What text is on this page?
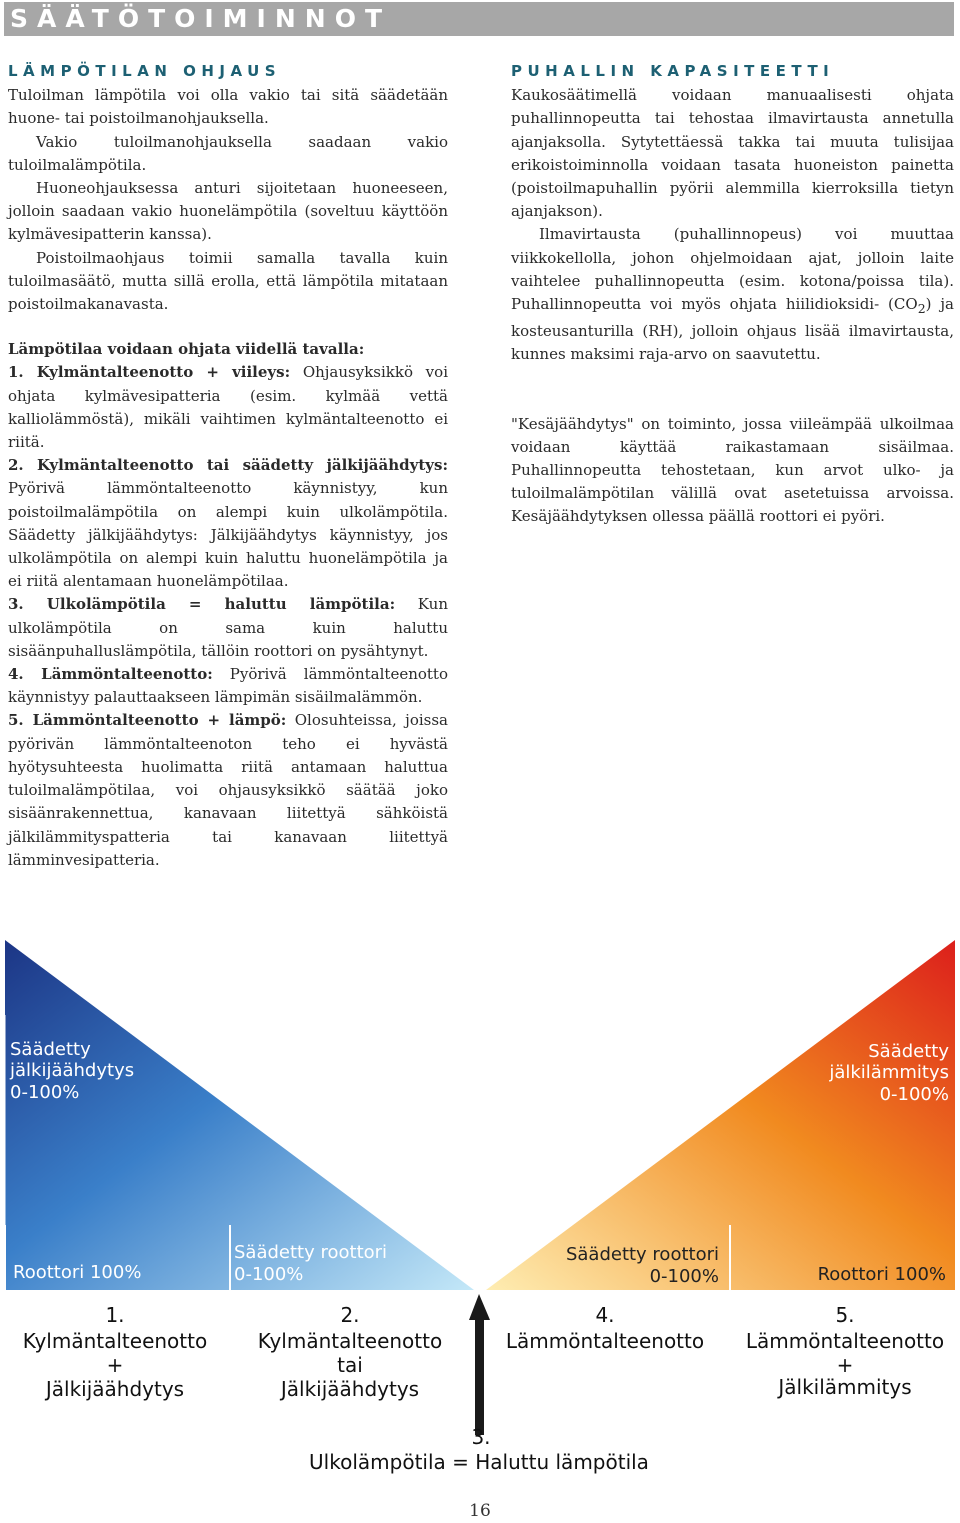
SÄÄTÖTOIMINNOT
LÄMPÖTILAN OHJAUS

Tuloilman lämpötila voi olla vakio tai sitä säädetään huone- tai poistoilmanohjauksella.

Vakio tuloilmanohjauksella saadaan vakio tuloilmalämpötila.

Huoneohjauksessa anturi sijoitetaan huoneeseen, jolloin saadaan vakio huonelämpötila (soveltuu käyttöön kylmävesipatterin kanssa).

Poistoilmaohjaus toimii samalla tavalla kuin tuloilmasäätö, mutta sillä erolla, että lämpötila mitataan poistoilmakanavasta.

Lämpötilaa voidaan ohjata viidellä tavalla:

1. Kylmäntalteenotto + viileys: Ohjausyksikkö voi ohjata kylmävesipatteria (esim. kylmää vettä kalliolämmöstä), mikäli vaihtimen kylmäntalteenotto ei riitä.

2. Kylmäntalteenotto tai säädetty jälkijäähdytys: Pyörivä lämmöntalteenotto käynnistyy, kun poistoilmalämpötila on alempi kuin ulkolämpötila. Säädetty jälkijäähdytys: Jälkijäähdytys käynnistyy, jos ulkolämpötila on alempi kuin haluttu huonelämpötila ja ei riitä alentamaan huonelämpötilaa.

3. Ulkolämpötila = haluttu lämpötila: Kun ulkolämpötila on sama kuin haluttu sisäänpuhalluslämpötila, tällöin roottori on pysähtynyt.

4. Lämmöntalteenotto: Pyörivä lämmöntalteenotto käynnistyy palauttaakseen lämpimän sisäilmalämmön.

5. Lämmöntalteenotto + lämpö: Olosuhteissa, joissa pyörivän lämmöntalteenoton teho ei hyvästä hyötysuhteesta huolimatta riitä antamaan haluttua tuloilmalämpötilaa, voi ohjausyksikkö säätää joko sisäänrakennettua, kanavaan liitettyä sähköistä jälkilämmityspatteria tai kanavaan liitettyä lämminvesipatteria.

PUHALLIN KAPASITEETTI

Kaukosäätimellä voidaan manuaalisesti ohjata puhallinnopeutta tai tehostaa ilmavirtausta annetulla ajanjaksolla. Sytytettäessä takka tai muuta tulisijaa erikoistoiminnolla voidaan tasata huoneiston painetta (poistoilmapuhallin pyörii alemmilla kierroksilla tietyn ajanjakson).

Ilmavirtausta (puhallinnopeus) voi muuttaa viikkokellolla, johon ohjelmoidaan ajat, jolloin laite vaihtelee puhallinnopeutta (esim. kotona/poissa tila). Puhallinnopeutta voi myös ohjata hiilidioksidi- $(CO_2)$ ja kosteusanturilla (RH), jolloin ohjaus lisää ilmavirtausta, kunnes maksimi raja-arvo on saavutettu.

"Kesäjäähdytys" on toiminto, jossa viileämpää ulkoilmaa voidaan käyttää raikastamaan sisäilmaa. Puhallinnopeutta tehostetaan, kun arvot ulko- ja tuloilmalämpötilan välillä ovat asetetuissa arvoissa. Kesäjäähdytyksen ollessa päällä roottori ei pyöri.

Säädetty
jälkijäähdytys
0-100%
Säädetty
jälkilämmitys
0-100%
Roottori 100%
Säädetty roottori
0-100%
Säädetty roottori
0-100%	Roottori 100%
1.
Kylmäntalteenotto
+
Jälkijäähdytys
2.
Kylmäntalteenotto
tai
Jälkijäähdytys
4.
Lämmöntalteenotto
5.
Lämmöntalteenotto
+
Jälkilämmitys
3.
Ulkolämpötila = Haluttu lämpötila
16
